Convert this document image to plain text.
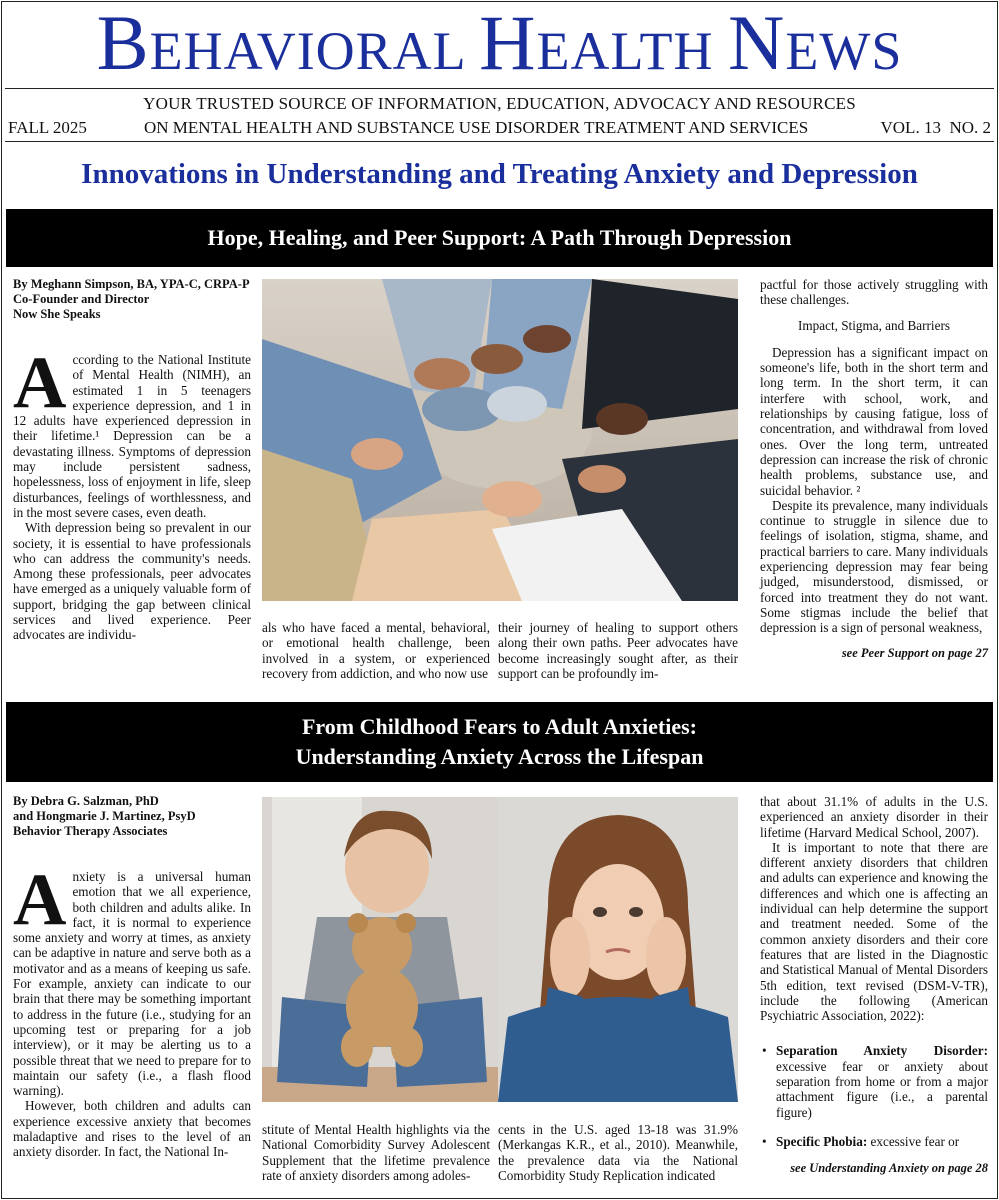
BEHAVIORAL HEALTH NEWS
YOUR TRUSTED SOURCE OF INFORMATION, EDUCATION, ADVOCACY AND RESOURCES
FALL 2025	ON MENTAL HEALTH AND SUBSTANCE USE DISORDER TREATMENT AND SERVICES	VOL. 13  NO. 2
Innovations in Understanding and Treating Anxiety and Depression
Hope, Healing, and Peer Support: A Path Through Depression
By Meghann Simpson, BA, YPA-C, CRPA-P
Co-Founder and Director
Now She Speaks

According to the National Institute of Mental Health (NIMH), an estimated 1 in 5 teenagers experience depression, and 1 in 12 adults have experienced depression in their lifetime.¹ Depression can be a devastating illness. Symptoms of depression may include persistent sadness, hopelessness, loss of enjoyment in life, sleep disturbances, feelings of worthlessness, and in the most severe cases, even death.

With depression being so prevalent in our society, it is essential to have professionals who can address the community's needs. Among these professionals, peer advocates have emerged as a uniquely valuable form of support, bridging the gap between clinical services and lived experience. Peer advocates are individu-	als who have faced a mental, behavioral, or emotional health challenge, been involved in a system, or experienced recovery from addiction, and who now use

their journey of healing to support others along their own paths. Peer advocates have become increasingly sought after, as their support can be profoundly im-

pactful for those actively struggling with these challenges.

Impact, Stigma, and Barriers

Depression has a significant impact on someone's life, both in the short term and long term. In the short term, it can interfere with school, work, and relationships by causing fatigue, loss of concentration, and withdrawal from loved ones. Over the long term, untreated depression can increase the risk of chronic health problems, substance use, and suicidal behavior. ²

Despite its prevalence, many individuals continue to struggle in silence due to feelings of isolation, stigma, shame, and practical barriers to care. Many individuals experiencing depression may fear being judged, misunderstood, dismissed, or forced into treatment they do not want. Some stigmas include the belief that depression is a sign of personal weakness,

see Peer Support on page 27

From Childhood Fears to Adult Anxieties:
Understanding Anxiety Across the Lifespan
By Debra G. Salzman, PhD
and Hongmarie J. Martinez, PsyD
Behavior Therapy Associates

Anxiety is a universal human emotion that we all experience, both children and adults alike. In fact, it is normal to experience some anxiety and worry at times, as anxiety can be adaptive in nature and serve both as a motivator and as a means of keeping us safe. For example, anxiety can indicate to our brain that there may be something important to address in the future (i.e., studying for an upcoming test or preparing for a job interview), or it may be alerting us to a possible threat that we need to prepare for to maintain our safety (i.e., a flash flood warning).

However, both children and adults can experience excessive anxiety that becomes maladaptive and rises to the level of an anxiety disorder. In fact, the National In-

stitute of Mental Health highlights via the National Comorbidity Survey Adolescent Supplement that the lifetime prevalence rate of anxiety disorders among adoles-

cents in the U.S. aged 13-18 was 31.9% (Merkangas K.R., et al., 2010). Meanwhile, the prevalence data via the National Comorbidity Study Replication indicated

that about 31.1% of adults in the U.S. experienced an anxiety disorder in their lifetime (Harvard Medical School, 2007).

It is important to note that there are different anxiety disorders that children and adults can experience and knowing the differences and which one is affecting an individual can help determine the support and treatment needed. Some of the common anxiety disorders and their core features that are listed in the Diagnostic and Statistical Manual of Mental Disorders 5th edition, text revised (DSM-V-TR), include the following (American Psychiatric Association, 2022):

• Separation Anxiety Disorder: excessive fear or anxiety about separation from home or from a major attachment figure (i.e., a parental figure)
• Specific Phobia: excessive fear or

see Understanding Anxiety on page 28
